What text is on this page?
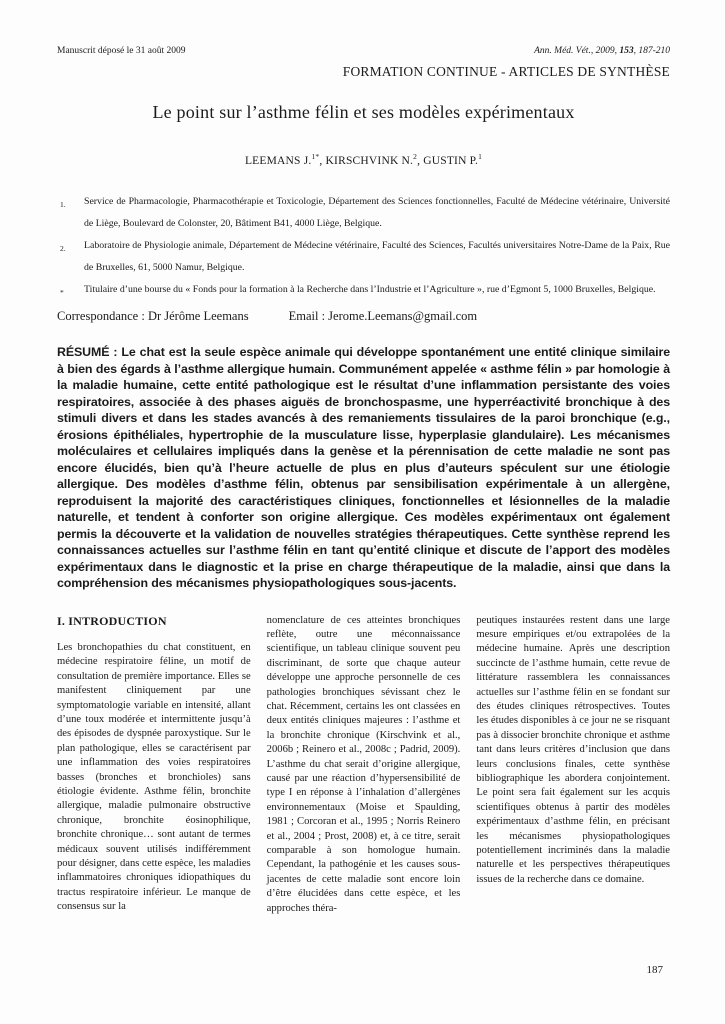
Manuscrit déposé le 31 août 2009	Ann. Méd. Vét., 2009, 153, 187-210
FORMATION CONTINUE - ARTICLES DE SYNTHÈSE
Le point sur l’asthme félin et ses modèles expérimentaux
LEEMANS J.$^{1*}$, KIRSCHVINK N.$^2$, GUSTIN P.$^1$
1. Service de Pharmacologie, Pharmacothérapie et Toxicologie, Département des Sciences fonctionnelles, Faculté de Médecine vétérinaire, Université de Liège, Boulevard de Colonster, 20, Bâtiment B41, 4000 Liège, Belgique.
2. Laboratoire de Physiologie animale, Département de Médecine vétérinaire, Faculté des Sciences, Facultés universitaires Notre-Dame de la Paix, Rue de Bruxelles, 61, 5000 Namur, Belgique.
* Titulaire d’une bourse du « Fonds pour la formation à la Recherche dans l’Industrie et l’Agriculture », rue d’Egmont 5, 1000 Bruxelles, Belgique.
Correspondance : Dr Jérôme Leemans	Email : Jerome.Leemans@gmail.com

RÉSUMÉ : Le chat est la seule espèce animale qui développe spontanément une entité clinique similaire à bien des égards à l’asthme allergique humain. Communément appelée « asthme félin » par homologie à la maladie humaine, cette entité pathologique est le résultat d’une inflammation persistante des voies respiratoires, associée à des phases aiguës de bronchospasme, une hyperréactivité bronchique à des stimuli divers et dans les stades avancés à des remaniements tissulaires de la paroi bronchique (e.g., érosions épithéliales, hypertrophie de la musculature lisse, hyperplasie glandulaire). Les mécanismes moléculaires et cellulaires impliqués dans la genèse et la pérennisation de cette maladie ne sont pas encore élucidés, bien qu’à l’heure actuelle de plus en plus d’auteurs spéculent sur une étiologie allergique. Des modèles d’asthme félin, obtenus par sensibilisation expérimentale à un allergène, reproduisent la majorité des caractéristiques cliniques, fonctionnelles et lésionnelles de la maladie naturelle, et tendent à conforter son origine allergique. Ces modèles expérimentaux ont également permis la découverte et la validation de nouvelles stratégies thérapeutiques. Cette synthèse reprend les connaissances actuelles sur l’asthme félin en tant qu’entité clinique et discute de l’apport des modèles expérimentaux dans le diagnostic et la prise en charge thérapeutique de la maladie, ainsi que dans la compréhension des mécanismes physiopathologiques sous-jacents.

I. INTRODUCTION

Les bronchopathies du chat constituent, en médecine respiratoire féline, un motif de consultation de première importance. Elles se manifestent cliniquement par une symptomatologie variable en intensité, allant d’une toux modérée et intermittente jusqu’à des épisodes de dyspnée paroxystique. Sur le plan pathologique, elles se caractérisent par une inflammation des voies respiratoires basses (bronches et bronchioles) sans étiologie évidente. Asthme félin, bronchite allergique, maladie pulmonaire obstructive chronique, bronchite éosinophilique, bronchite chronique… sont autant de termes médicaux souvent utilisés indifféremment pour désigner, dans cette espèce, les maladies inflammatoires chroniques idiopathiques du tractus respiratoire inférieur. Le manque de consensus sur la

nomenclature de ces atteintes bronchiques reflète, outre une méconnaissance scientifique, un tableau clinique souvent peu discriminant, de sorte que chaque auteur développe une approche personnelle de ces pathologies bronchiques sévissant chez le chat. Récemment, certains les ont classées en deux entités cliniques majeures : l’asthme et la bronchite chronique (Kirschvink et al., 2006b ; Reinero et al., 2008c ; Padrid, 2009). L’asthme du chat serait d’origine allergique, causé par une réaction d’hypersensibilité de type I en réponse à l’inhalation d’allergènes environnementaux (Moise et Spaulding, 1981 ; Corcoran et al., 1995 ; Norris Reinero et al., 2004 ; Prost, 2008) et, à ce titre, serait comparable à son homologue humain. Cependant, la pathogénie et les causes sous-jacentes de cette maladie sont encore loin d’être élucidées dans cette espèce, et les approches théra-

peutiques instaurées restent dans une large mesure empiriques et/ou extrapolées de la médecine humaine. Après une description succincte de l’asthme humain, cette revue de littérature rassemblera les connaissances actuelles sur l’asthme félin en se fondant sur des études cliniques rétrospectives. Toutes les études disponibles à ce jour ne se risquant pas à dissocier bronchite chronique et asthme tant dans leurs critères d’inclusion que dans leurs conclusions finales, cette synthèse bibliographique les abordera conjointement. Le point sera fait également sur les acquis scientifiques obtenus à partir des modèles expérimentaux d’asthme félin, en précisant les mécanismes physiopathologiques potentiellement incriminés dans la maladie naturelle et les perspectives thérapeutiques issues de la recherche dans ce domaine.

187
